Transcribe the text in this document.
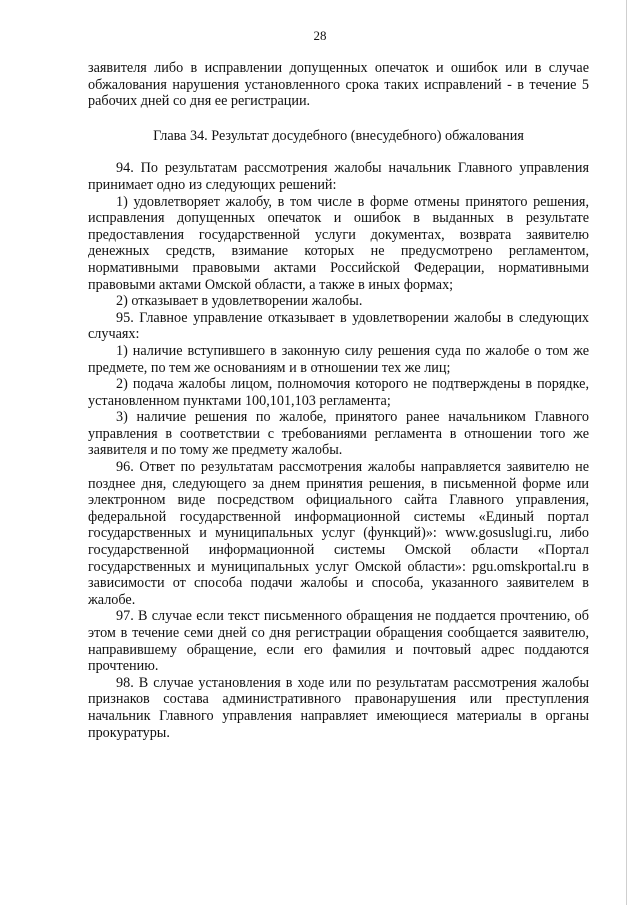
28

заявителя либо в исправлении допущенных опечаток и ошибок или в случае обжалования нарушения установленного срока таких исправлений - в течение 5 рабочих дней со дня ее регистрации.

Глава 34. Результат досудебного (внесудебного) обжалования

94. По результатам рассмотрения жалобы начальник Главного управления принимает одно из следующих решений:

1) удовлетворяет жалобу, в том числе в форме отмены принятого решения, исправления допущенных опечаток и ошибок в выданных в результате предоставления государственной услуги документах, возврата заявителю денежных средств, взимание которых не предусмотрено регламентом, нормативными правовыми актами Российской Федерации, нормативными правовыми актами Омской области, а также в иных формах;

2) отказывает в удовлетворении жалобы.

95. Главное управление отказывает в удовлетворении жалобы в следующих случаях:

1) наличие вступившего в законную силу решения суда по жалобе о том же предмете, по тем же основаниям и в отношении тех же лиц;

2) подача жалобы лицом, полномочия которого не подтверждены в порядке, установленном пунктами 100,101,103 регламента;

3) наличие решения по жалобе, принятого ранее начальником Главного управления в соответствии с требованиями регламента в отношении того же заявителя и по тому же предмету жалобы.

96. Ответ по результатам рассмотрения жалобы направляется заявителю не позднее дня, следующего за днем принятия решения, в письменной форме или электронном виде посредством официального сайта Главного управления, федеральной государственной информационной системы «Единый портал государственных и муниципальных услуг (функций)»: www.gosuslugi.ru, либо государственной информационной системы Омской области «Портал государственных и муниципальных услуг Омской области»: pgu.omskportal.ru в зависимости от способа подачи жалобы и способа, указанного заявителем в жалобе.

97. В случае если текст письменного обращения не поддается прочтению, об этом в течение семи дней со дня регистрации обращения сообщается заявителю, направившему обращение, если его фамилия и почтовый адрес поддаются прочтению.

98. В случае установления в ходе или по результатам рассмотрения жалобы признаков состава административного правонарушения или преступления начальник Главного управления направляет имеющиеся материалы в органы прокуратуры.
